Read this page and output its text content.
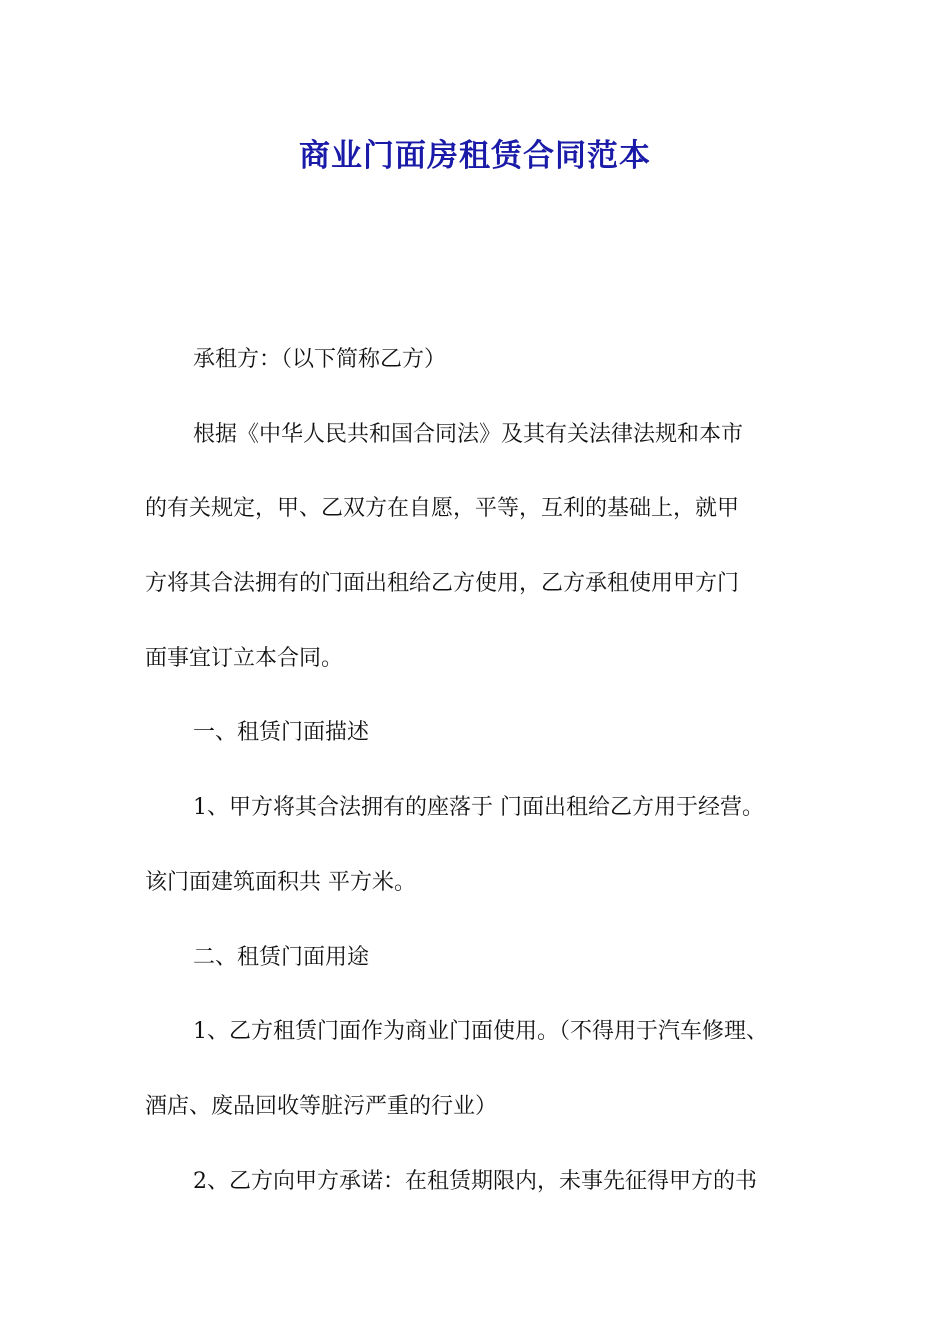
商业门面房租赁合同范本
承租方：（以下简称乙方）
根据《中华人民共和国合同法》及其有关法律法规和本市
的有关规定，甲、乙双方在自愿，平等，互利的基础上，就甲
方将其合法拥有的门面出租给乙方使用，乙方承租使用甲方门
面事宜订立本合同。
一、租赁门面描述
1、甲方将其合法拥有的座落于 门面出租给乙方用于经营。
该门面建筑面积共 平方米。
二、租赁门面用途
1、乙方租赁门面作为商业门面使用。（不得用于汽车修理、
酒店、废品回收等脏污严重的行业）
2、乙方向甲方承诺：在租赁期限内，未事先征得甲方的书
